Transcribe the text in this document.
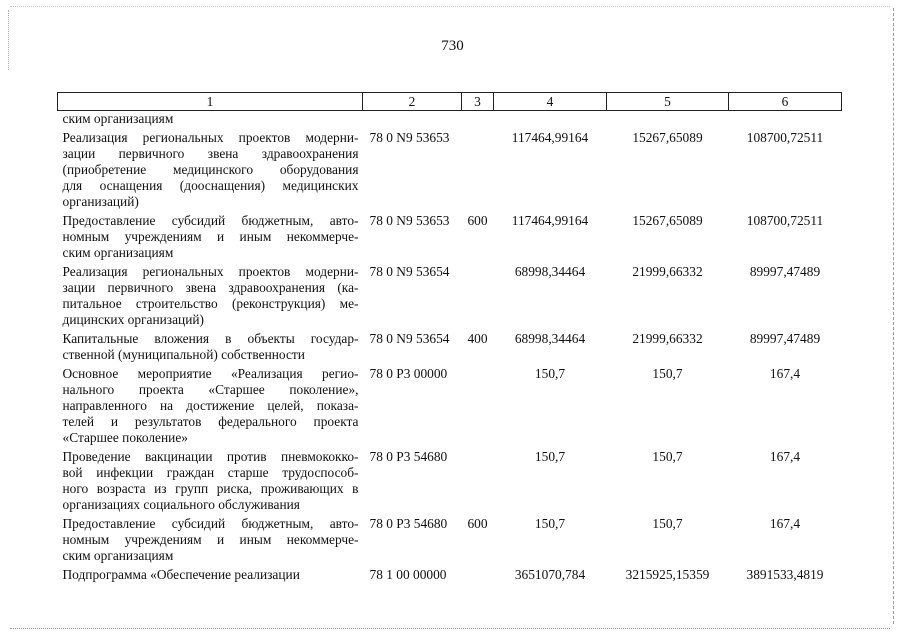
730
1	2	3	4	5	6

ским организациям					

Реализация региональных проектов модерни-
зации первичного звена здравоохранения
(приобретение медицинского оборудования
для оснащения (дооснащения) медицинских
организаций)	78 0 N9 53653		117464,99164	15267,65089	108700,72511

Предоставление субсидий бюджетным, авто-
номным учреждениям и иным некоммерче-
ским организациям	78 0 N9 53653	600	117464,99164	15267,65089	108700,72511

Реализация региональных проектов модерни-
зации первичного звена здравоохранения (ка-
питальное строительство (реконструкция) ме-
дицинских организаций)	78 0 N9 53654		68998,34464	21999,66332	89997,47489

Капитальные вложения в объекты государ-
ственной (муниципальной) собственности	78 0 N9 53654	400	68998,34464	21999,66332	89997,47489

Основное мероприятие «Реализация регио-
нального проекта «Старшее поколение»,
направленного на достижение целей, показа-
телей и результатов федерального проекта
«Старшее поколение»	78 0 P3 00000		150,7	150,7	167,4

Проведение вакцинации против пневмококко-
вой инфекции граждан старше трудоспособ-
ного возраста из групп риска, проживающих в
организациях социального обслуживания	78 0 P3 54680		150,7	150,7	167,4

Предоставление субсидий бюджетным, авто-
номным учреждениям и иным некоммерче-
ским организациям	78 0 P3 54680	600	150,7	150,7	167,4

Подпрограмма «Обеспечение реализации	78 1 00 00000		3651070,784	3215925,15359	3891533,4819
